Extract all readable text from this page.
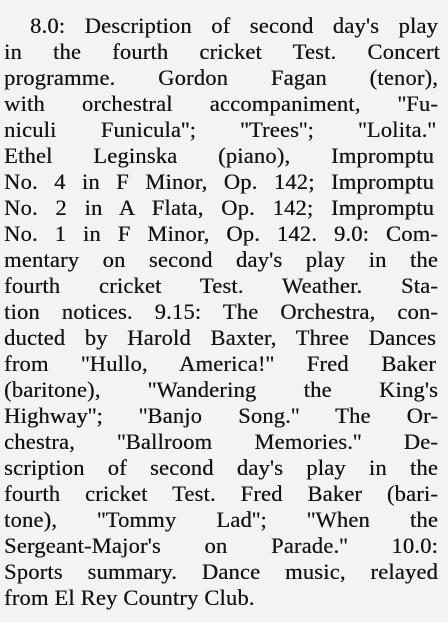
8.0: Description of second day's play
in the fourth cricket Test. Concert
programme. Gordon Fagan (tenor),
with orchestral accompaniment, ''Fu-
niculi Funicula''; ''Trees''; ''Lolita.''
Ethel Leginska (piano), Impromptu
No. 4 in F Minor, Op. 142; Impromptu
No. 2 in A Flata, Op. 142; Impromptu
No. 1 in F Minor, Op. 142. 9.0: Com-
mentary on second day's play in the
fourth cricket Test. Weather. Sta-
tion notices. 9.15: The Orchestra, con-
ducted by Harold Baxter, Three Dances
from ''Hullo, America!'' Fred Baker
(baritone), ''Wandering the King's
Highway''; ''Banjo Song.'' The Or-
chestra, ''Ballroom Memories.'' De-
scription of second day's play in the
fourth cricket Test. Fred Baker (bari-
tone), ''Tommy Lad''; ''When the
Sergeant-Major's on Parade.'' 10.0:
Sports summary. Dance music, relayed
from El Rey Country Club.
